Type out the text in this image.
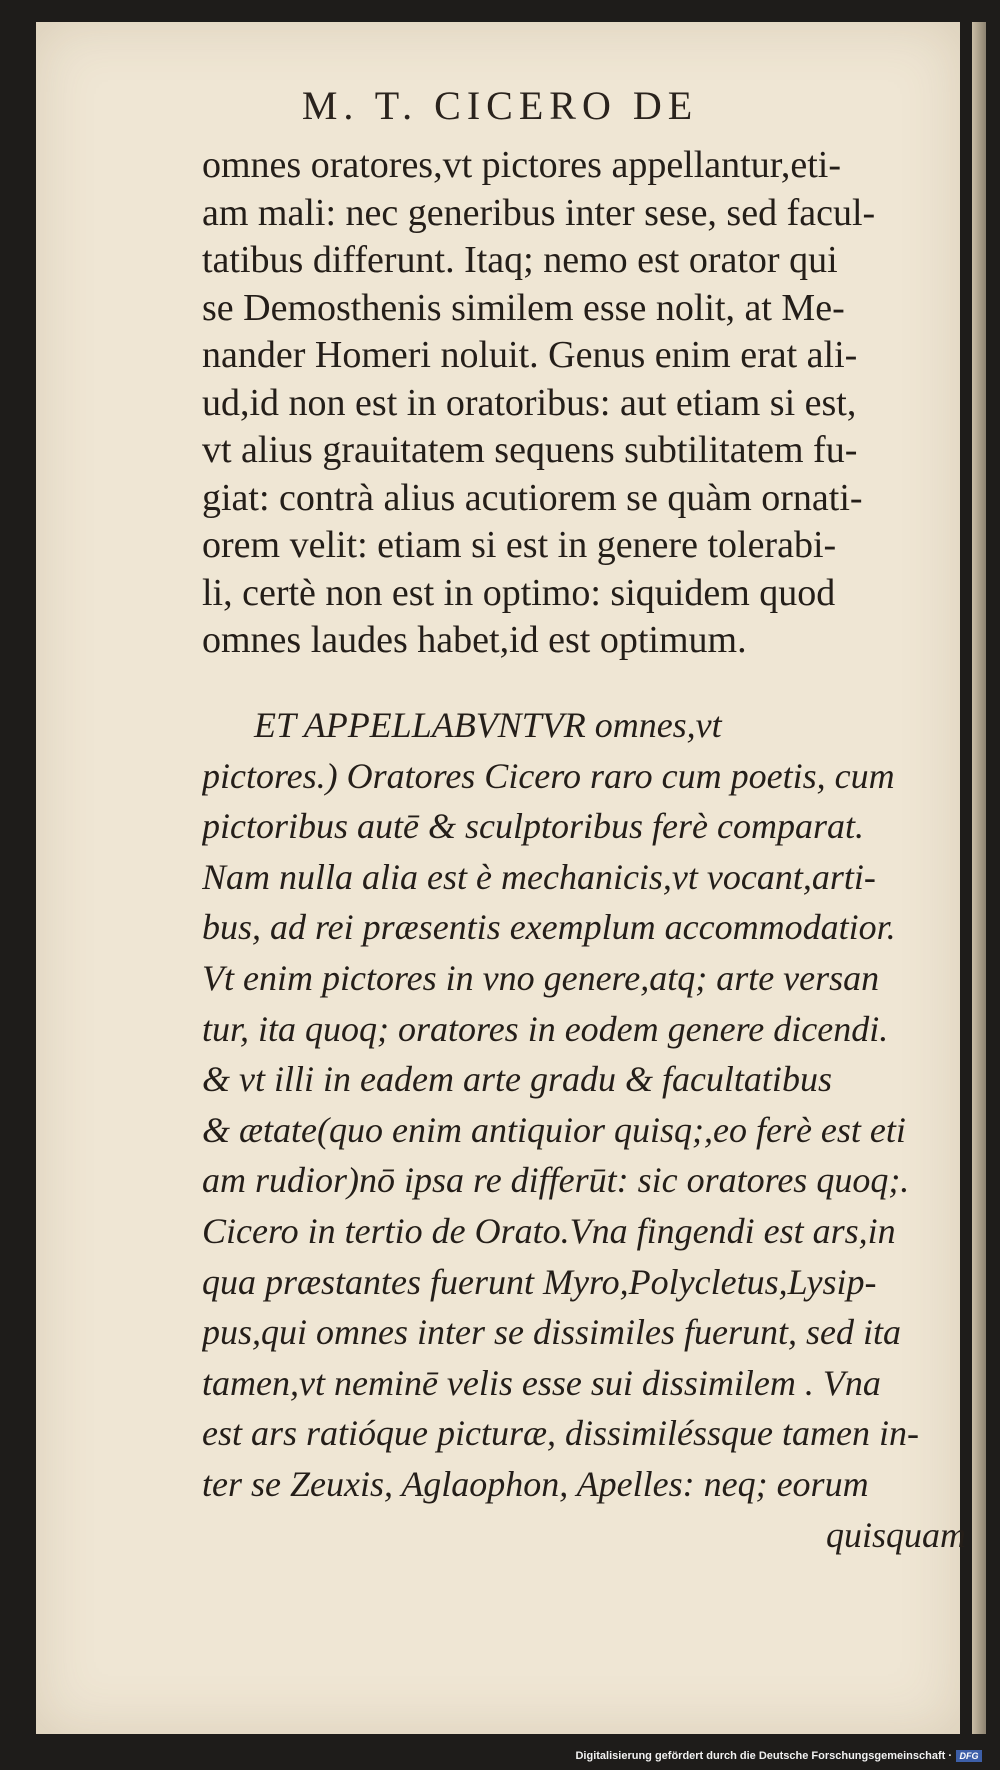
M. T. CICERO DE
omnes oratores,vt pictores appellantur,eti-
am mali: nec generibus inter sese, sed facul-
tatibus differunt. Itaq; nemo est orator qui
se Demosthenis similem esse nolit, at Me-
nander Homeri noluit. Genus enim erat ali-
ud,id non est in oratoribus: aut etiam si est,
vt alius grauitatem sequens subtilitatem fu-
giat: contrà alius acutiorem se quàm ornati-
orem velit: etiam si est in genere tolerabi-
li, certè non est in optimo: siquidem quod
omnes laudes habet,id est optimum.
ET APPELLABVNTVR omnes,vt
pictores.) Oratores Cicero raro cum poetis, cum
pictoribus autē & sculptoribus ferè comparat.
Nam nulla alia est è mechanicis,vt vocant,arti-
bus, ad rei præsentis exemplum accommodatior.
Vt enim pictores in vno genere,atq; arte versan
tur, ita quoq; oratores in eodem genere dicendi.
& vt illi in eadem arte gradu & facultatibus
& ætate(quo enim antiquior quisq;,eo ferè est eti
am rudior)nō ipsa re differūt: sic oratores quoq;.
Cicero in tertio de Orato.Vna fingendi est ars,in
qua præstantes fuerunt Myro,Polycletus,Lysip-
pus,qui omnes inter se dissimiles fuerunt, sed ita
tamen,vt neminē velis esse sui dissimilem . Vna
est ars ratióque picturæ, dissimiléssque tamen in-
ter se Zeuxis, Aglaophon, Apelles: neq; eorum
quisquam
Digitalisierung gefördert durch die Deutsche Forschungsgemeinschaft · DFG
